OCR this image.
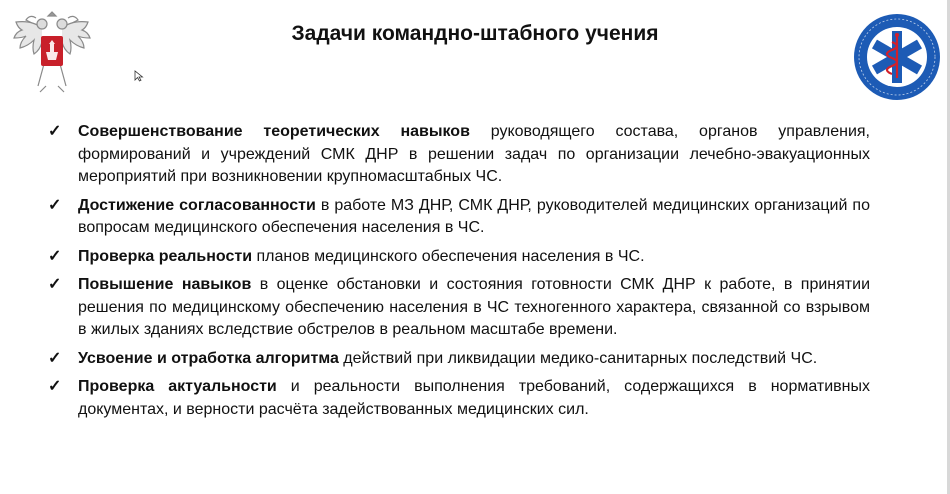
Задачи командно-штабного учения
✓ Совершенствование теоретических навыков руководящего состава, органов управления, формирований и учреждений СМК ДНР в решении задач по организации лечебно-эвакуационных мероприятий при возникновении крупномасштабных ЧС.
✓ Достижение согласованности в работе МЗ ДНР, СМК ДНР, руководителей медицинских организаций по вопросам медицинского обеспечения населения в ЧС.
✓ Проверка реальности планов медицинского обеспечения населения в ЧС.
✓ Повышение навыков в оценке обстановки и состояния готовности СМК ДНР к работе, в принятии решения по медицинскому обеспечению населения в ЧС техногенного характера, связанной со взрывом в жилых зданиях вследствие обстрелов в реальном масштабе времени.
✓ Усвоение и отработка алгоритма действий при ликвидации медико-санитарных последствий ЧС.
✓ Проверка актуальности и реальности выполнения требований, содержащихся в нормативных документах, и верности расчёта задействованных медицинских сил.
